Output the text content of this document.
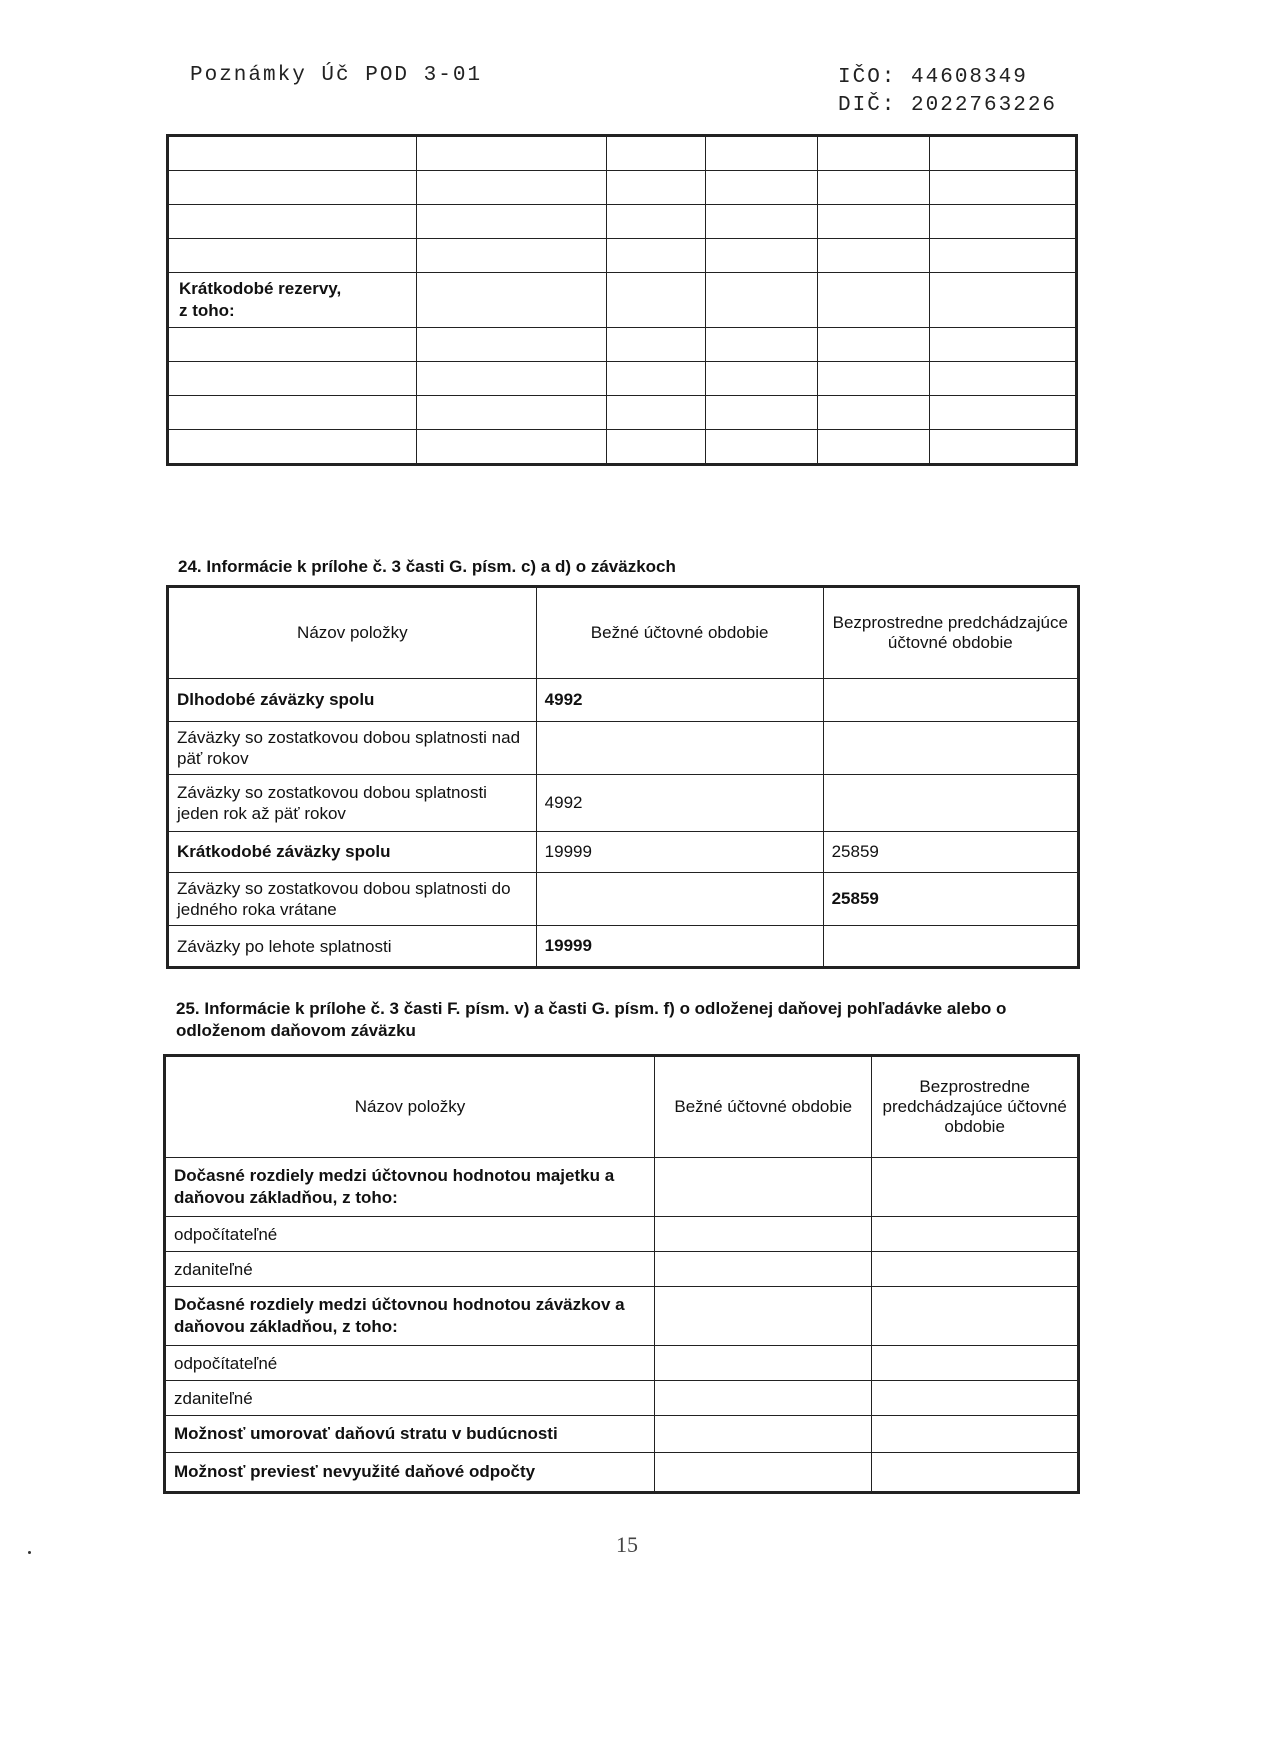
Poznámky Úč POD 3-01	IČO: 44608349
DIČ: 2022763226

Krátkodobé rezervy,
z toho:					

24. Informácie k prílohe č. 3 časti G. písm. c) a d) o záväzkoch
Názov položky	Bežné účtovné obdobie	Bezprostredne predchádzajúce účtovné obdobie
Dlhodobé záväzky spolu	4992	
Záväzky so zostatkovou dobou splatnosti nad päť rokov		
Záväzky so zostatkovou dobou splatnosti jeden rok až päť rokov	4992	
Krátkodobé záväzky spolu	19999	25859
Záväzky so zostatkovou dobou splatnosti do jedného roka vrátane		25859
Záväzky po lehote splatnosti	19999	
25. Informácie k prílohe č. 3 časti F. písm. v) a časti G. písm. f) o odloženej daňovej pohľadávke alebo o odloženom daňovom záväzku
Názov položky	Bežné účtovné obdobie	Bezprostredne predchádzajúce účtovné obdobie
Dočasné rozdiely medzi účtovnou hodnotou majetku a daňovou základňou, z toho:		
odpočítateľné		
zdaniteľné		
Dočasné rozdiely medzi účtovnou hodnotou záväzkov a daňovou základňou, z toho:		
odpočítateľné		
zdaniteľné		
Možnosť umorovať daňovú stratu v budúcnosti		
Možnosť previesť nevyužité daňové odpočty		
15
